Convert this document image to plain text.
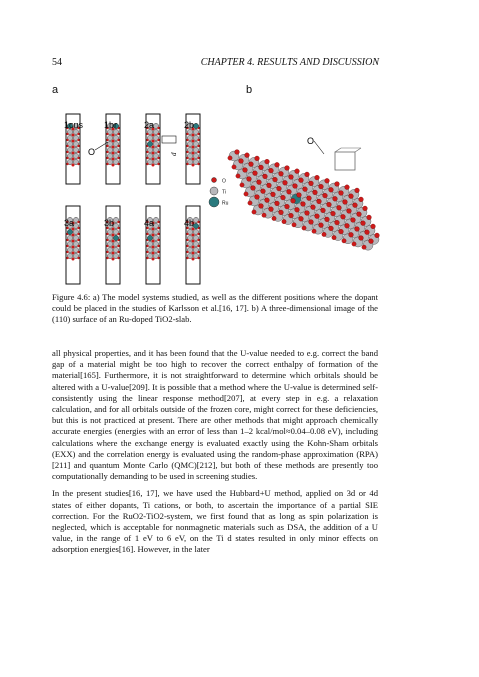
54	CHAPTER 4. RESULTS AND DISCUSSION
a	b
1cus 1br	2a	2b
3a	3b	4a	4b
O	d
O
Ti
Ru
O
Figure 4.6: a) The model systems studied, as well as the different positions where the dopant could be placed in the studies of Karlsson et al.[16, 17]. b) A three-dimensional image of the (110) surface of an Ru-doped TiO2-slab.

all physical properties, and it has been found that the U-value needed to e.g. correct the band gap of a material might be too high to recover the correct enthalpy of formation of the material[165]. Furthermore, it is not straightforward to determine which orbitals should be altered with a U-value[209]. It is possible that a method where the U-value is determined self-consistently using the linear response method[207], at every step in e.g. a relaxation calculation, and for all orbitals outside of the frozen core, might correct for these deficiencies, but this is not practiced at present. There are other methods that might approach chemically accurate energies (energies with an error of less than 1–2 kcal/mol≈0.04–0.08 eV), including calculations where the exchange energy is evaluated exactly using the Kohn-Sham orbitals (EXX) and the correlation energy is evaluated using the random-phase approximation (RPA)[211] and quantum Monte Carlo (QMC)[212], but both of these methods are presently too computationally demanding to be used in screening studies.

In the present studies[16, 17], we have used the Hubbard+U method, applied on 3d or 4d states of either dopants, Ti cations, or both, to ascertain the importance of a partial SIE correction. For the RuO2-TiO2-system, we first found that as long as spin polarization is neglected, which is acceptable for nonmagnetic materials such as DSA, the addition of a U value, in the range of 1 eV to 6 eV, on the Ti d states resulted in only minor effects on adsorption energies[16]. However, in the later
